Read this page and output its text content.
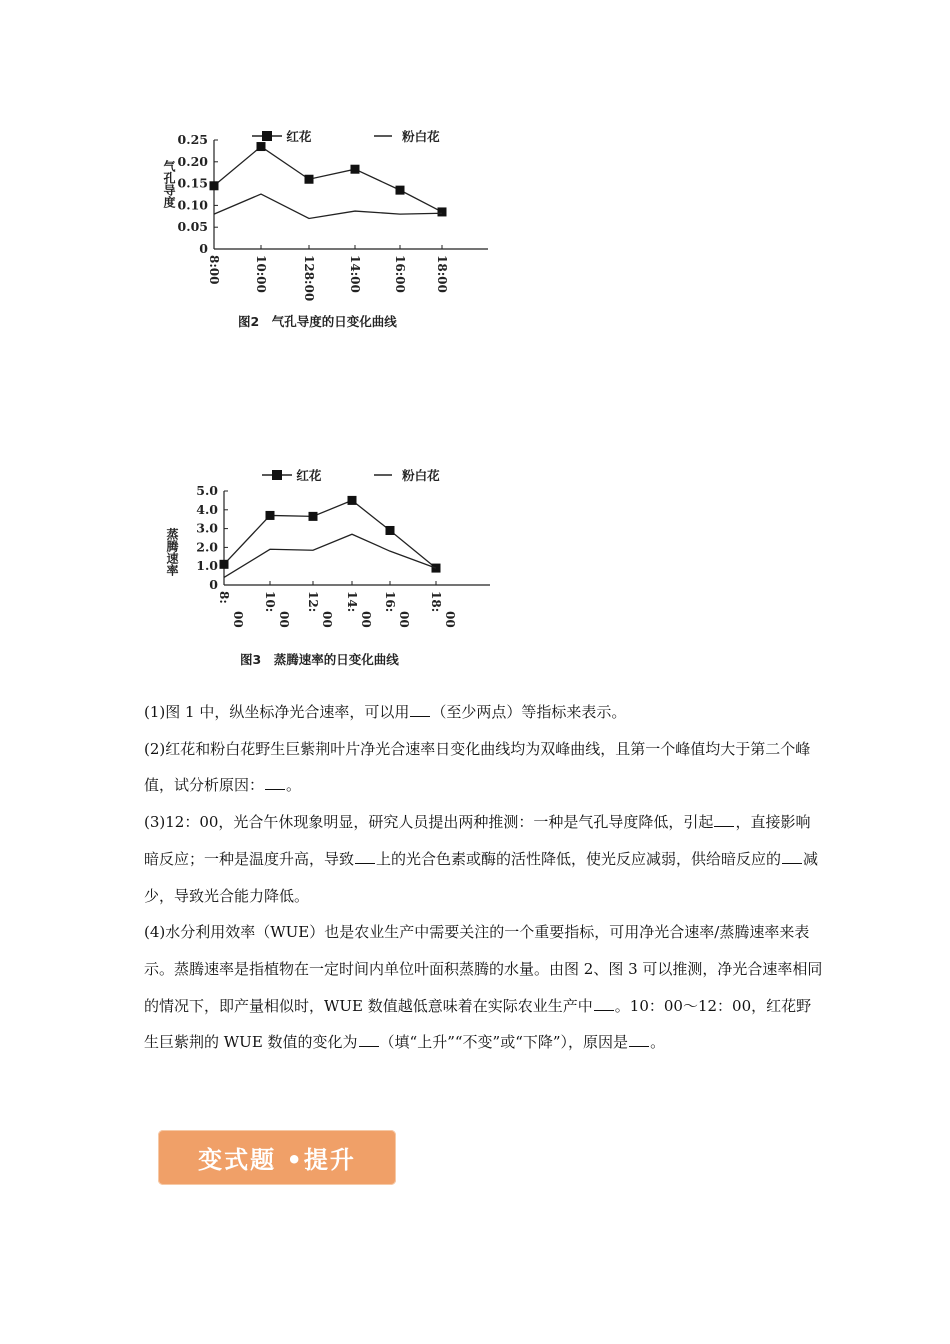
红花	粉白花
气孔导度
0
0.05
0.10
0.15
0.20
0.25
8:00	10:00	128:00	14:00	16:00 18:00
图2　气孔导度的日变化曲线
红花	粉白花
蒸腾速率
0
1.0
2.0
3.0
4.0
5.0
8:00
10:00
12:00
14:00
16:00
18:00
图3　蒸腾速率的日变化曲线

(1)图 1 中，纵坐标净光合速率，可以用 （至少两点）等指标来表示。

(2)红花和粉白花野生巨紫荆叶片净光合速率日变化曲线均为双峰曲线，且第一个峰值均大于第二个峰值，试分析原因： 。

(3)12：00，光合午休现象明显，研究人员提出两种推测：一种是气孔导度降低，引起 ，直接影响暗反应；一种是温度升高，导致 上的光合色素或酶的活性降低，使光反应减弱，供给暗反应的 减少，导致光合能力降低。

(4)水分利用效率（WUE）也是农业生产中需要关注的一个重要指标，可用净光合速率/蒸腾速率来表示。蒸腾速率是指植物在一定时间内单位叶面积蒸腾的水量。由图 2、图 3 可以推测，净光合速率相同的情况下，即产量相似时，WUE 数值越低意味着在实际农业生产中 。10：00～12：00，红花野生巨紫荆的 WUE 数值的变化为 （填“上升”“不变”或“下降”），原因是 。

变式题 •提升
